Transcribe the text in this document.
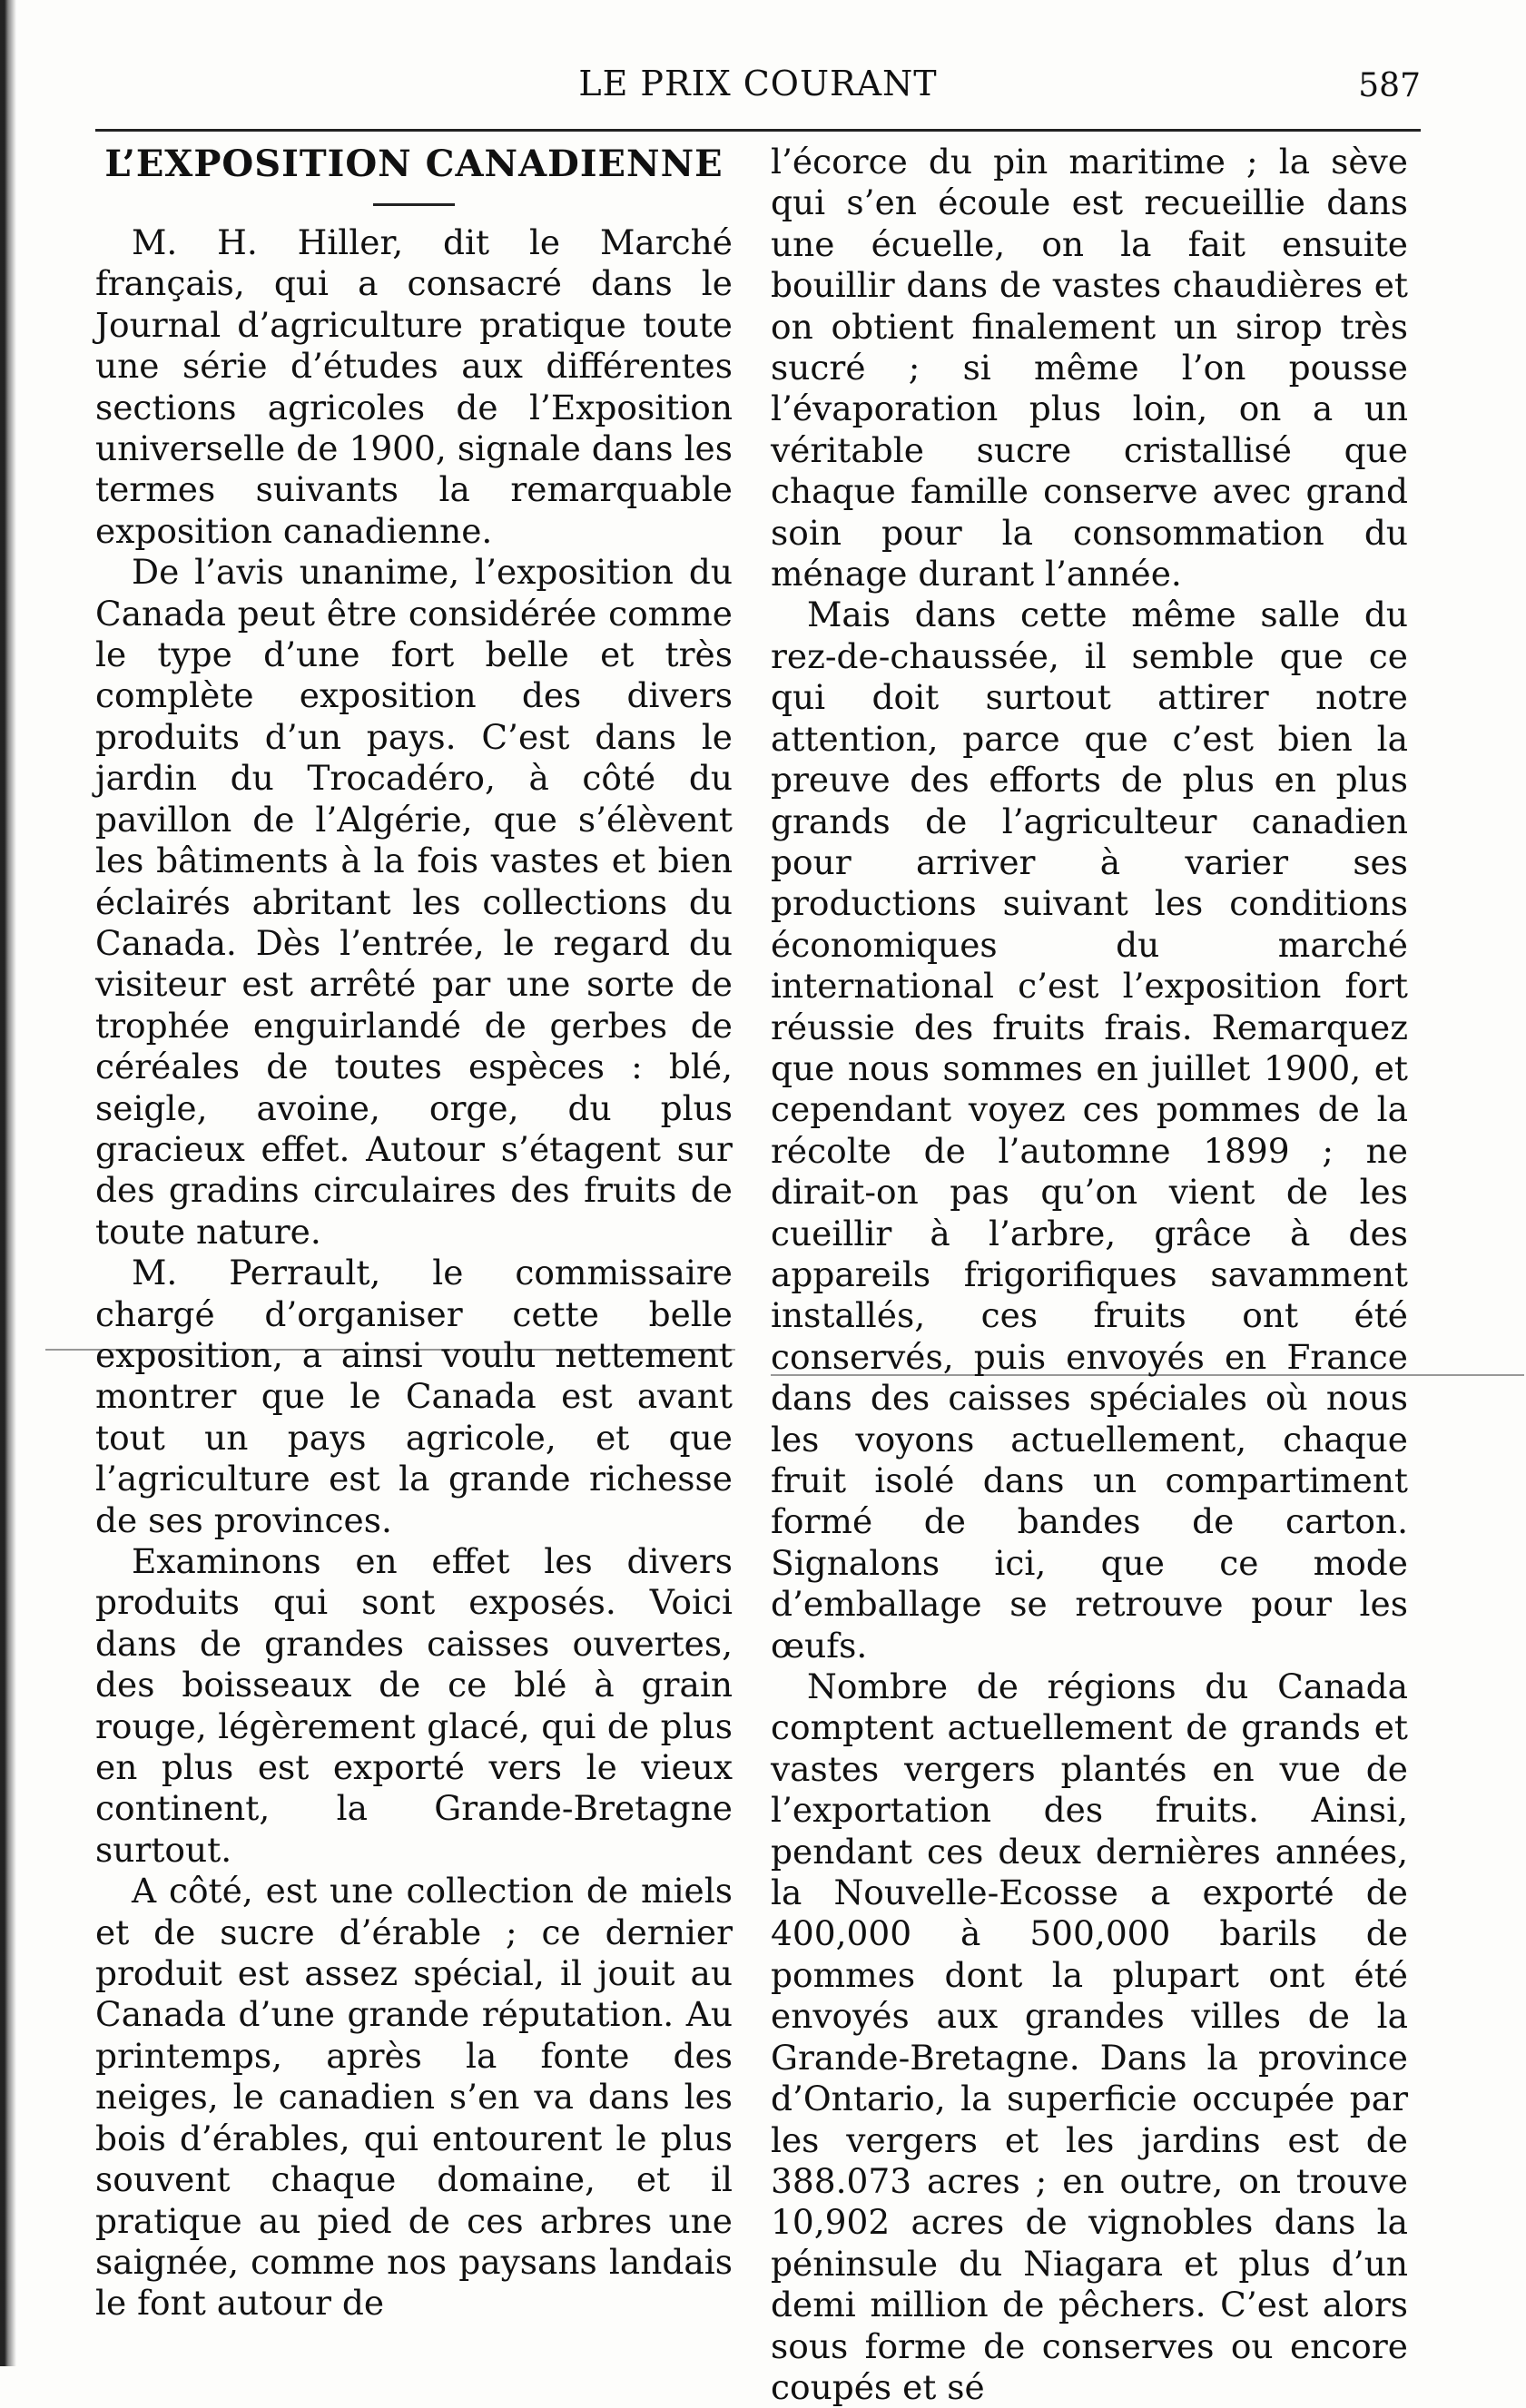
LE PRIX COURANT	587
L’EXPOSITION CANADIENNE

M. H. Hiller, dit le Marché français, qui a consacré dans le Journal d’agriculture pratique toute une série d’études aux différentes sections agricoles de l’Exposition universelle de 1900, signale dans les termes suivants la remarquable exposition canadienne.

De l’avis unanime, l’exposition du Canada peut être considérée comme le type d’une fort belle et très complète exposition des divers produits d’un pays. C’est dans le jardin du Trocadéro, à côté du pavillon de l’Algérie, que s’élèvent les bâtiments à la fois vastes et bien éclairés abritant les collections du Canada. Dès l’entrée, le regard du visiteur est arrêté par une sorte de trophée enguirlandé de gerbes de céréales de toutes espèces : blé, seigle, avoine, orge, du plus gracieux effet. Autour s’étagent sur des gradins circulaires des fruits de toute nature.

M. Perrault, le commissaire chargé d’organiser cette belle exposition, a ainsi voulu nettement montrer que le Canada est avant tout un pays agricole, et que l’agriculture est la grande richesse de ses provinces.

Examinons en effet les divers produits qui sont exposés. Voici dans de grandes caisses ouvertes, des boisseaux de ce blé à grain rouge, légèrement glacé, qui de plus en plus est exporté vers le vieux continent, la Grande-Bretagne surtout.

A côté, est une collection de miels et de sucre d’érable ; ce dernier produit est assez spécial, il jouit au Canada d’une grande réputation. Au printemps, après la fonte des neiges, le canadien s’en va dans les bois d’érables, qui entourent le plus souvent chaque domaine, et il pratique au pied de ces arbres une saignée, comme nos paysans landais le font autour de

l’écorce du pin maritime ; la sève qui s’en écoule est recueillie dans une écuelle, on la fait ensuite bouillir dans de vastes chaudières et on obtient finalement un sirop très sucré ; si même l’on pousse l’évaporation plus loin, on a un véritable sucre cristallisé que chaque famille conserve avec grand soin pour la consommation du ménage durant l’année.

Mais dans cette même salle du rez-de-chaussée, il semble que ce qui doit surtout attirer notre attention, parce que c’est bien la preuve des efforts de plus en plus grands de l’agriculteur canadien pour arriver à varier ses productions suivant les conditions économiques du marché international c’est l’exposition fort réussie des fruits frais. Remarquez que nous sommes en juillet 1900, et cependant voyez ces pommes de la récolte de l’automne 1899 ; ne dirait-on pas qu’on vient de les cueillir à l’arbre, grâce à des appareils frigorifiques savamment installés, ces fruits ont été conservés, puis envoyés en France dans des caisses spéciales où nous les voyons actuellement, chaque fruit isolé dans un compartiment formé de bandes de carton. Signalons ici, que ce mode d’emballage se retrouve pour les œufs.

Nombre de régions du Canada comptent actuellement de grands et vastes vergers plantés en vue de l’exportation des fruits. Ainsi, pendant ces deux dernières années, la Nouvelle-Ecosse a exporté de 400,000 à 500,000 barils de pommes dont la plupart ont été envoyés aux grandes villes de la Grande-Bretagne. Dans la province d’Ontario, la superficie occupée par les vergers et les jardins est de 388.073 acres ; en outre, on trouve 10,902 acres de vignobles dans la péninsule du Niagara et plus d’un demi million de pêchers. C’est alors sous forme de conserves ou encore coupés et sé
